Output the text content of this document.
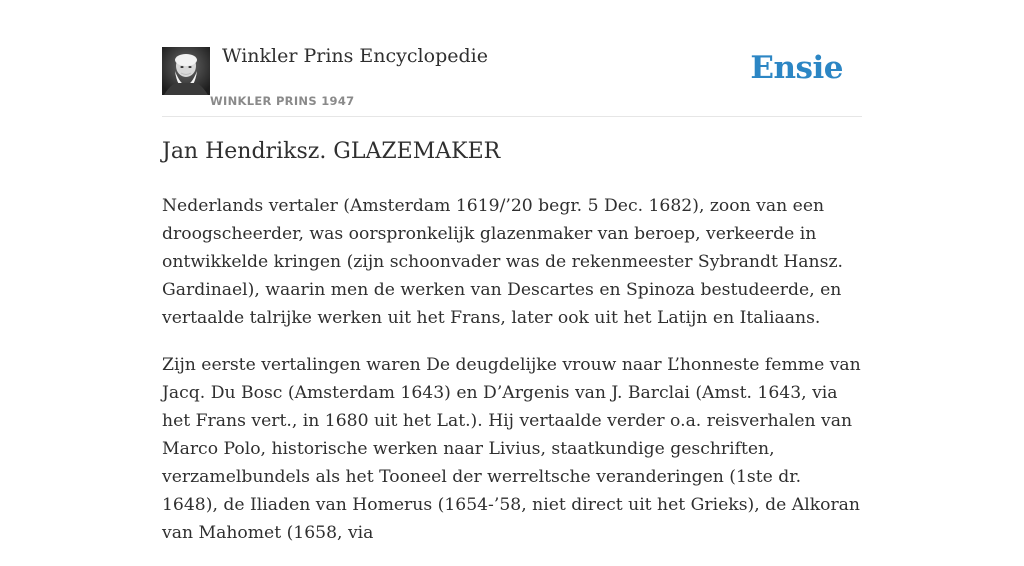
Winkler Prins Encyclopedie
WINKLER PRINS 1947
Ensie
Jan Hendriksz. GLAZEMAKER

Nederlands vertaler (Amsterdam 1619/’20 begr. 5 Dec. 1682), zoon van een droogscheerder, was oorspronkelijk glazenmaker van beroep, verkeerde in ontwikkelde kringen (zijn schoonvader was de rekenmeester Sybrandt Hansz. Gardinael), waarin men de werken van Descartes en Spinoza bestudeerde, en vertaalde talrijke werken uit het Frans, later ook uit het Latijn en Italiaans.

Zijn eerste vertalingen waren De deugdelijke vrouw naar L’honneste femme van Jacq. Du Bosc (Amsterdam 1643) en D’Argenis van J. Barclai (Amst. 1643, via het Frans vert., in 1680 uit het Lat.). Hij vertaalde verder o.a. reisverhalen van Marco Polo, historische werken naar Livius, staatkundige geschriften, verzamelbundels als het Tooneel der werreltsche veranderingen (1ste dr. 1648), de Iliaden van Homerus (1654-’58, niet direct uit het Grieks), de Alkoran van Mahomet (1658, via
